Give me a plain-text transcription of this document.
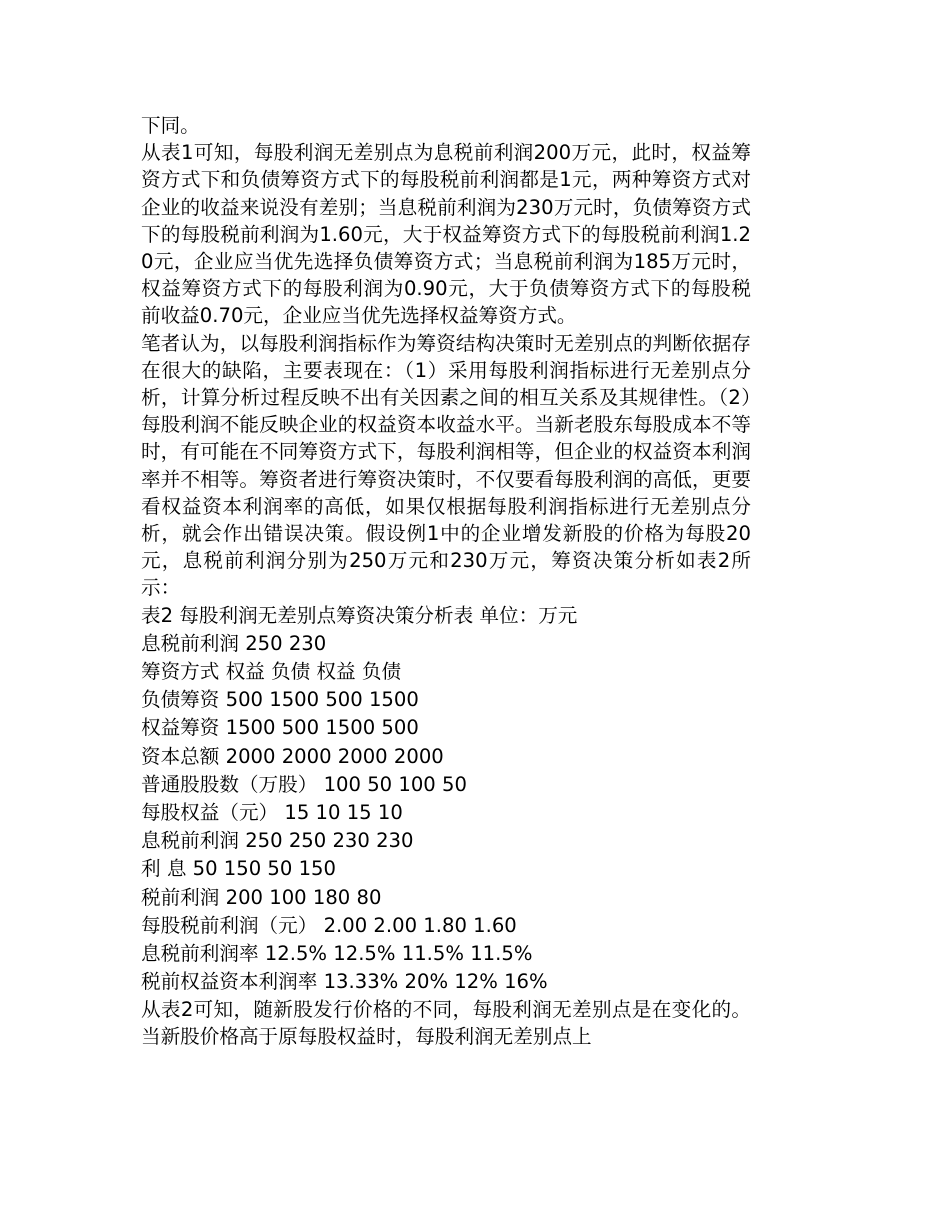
下同。

从表1可知，每股利润无差别点为息税前利润200万元，此时，权益筹资方式下和负债筹资方式下的每股税前利润都是1元，两种筹资方式对企业的收益来说没有差别；当息税前利润为230万元时，负债筹资方式下的每股税前利润为1.60元，大于权益筹资方式下的每股税前利润1.20元，企业应当优先选择负债筹资方式；当息税前利润为185万元时，权益筹资方式下的每股利润为0.90元，大于负债筹资方式下的每股税前收益0.70元，企业应当优先选择权益筹资方式。

笔者认为，以每股利润指标作为筹资结构决策时无差别点的判断依据存在很大的缺陷，主要表现在：（1）采用每股利润指标进行无差别点分析，计算分析过程反映不出有关因素之间的相互关系及其规律性。（2）每股利润不能反映企业的权益资本收益水平。当新老股东每股成本不等时，有可能在不同筹资方式下，每股利润相等，但企业的权益资本利润率并不相等。筹资者进行筹资决策时，不仅要看每股利润的高低，更要看权益资本利润率的高低，如果仅根据每股利润指标进行无差别点分析，就会作出错误决策。假设例1中的企业增发新股的价格为每股20元，息税前利润分别为250万元和230万元，筹资决策分析如表2所示：

表2 每股利润无差别点筹资决策分析表 单位：万元

息税前利润 250 230

筹资方式 权益 负债 权益 负债

负债筹资 500 1500 500 1500

权益筹资 1500 500 1500 500

资本总额 2000 2000 2000 2000

普通股股数（万股） 100 50 100 50

每股权益（元） 15 10 15 10

息税前利润 250 250 230 230

利 息 50 150 50 150

税前利润 200 100 180 80

每股税前利润（元） 2.00 2.00 1.80 1.60

息税前利润率 12.5% 12.5% 11.5% 11.5%

税前权益资本利润率 13.33% 20% 12% 16%

从表2可知，随新股发行价格的不同，每股利润无差别点是在变化的。当新股价格高于原每股权益时，每股利润无差别点上
